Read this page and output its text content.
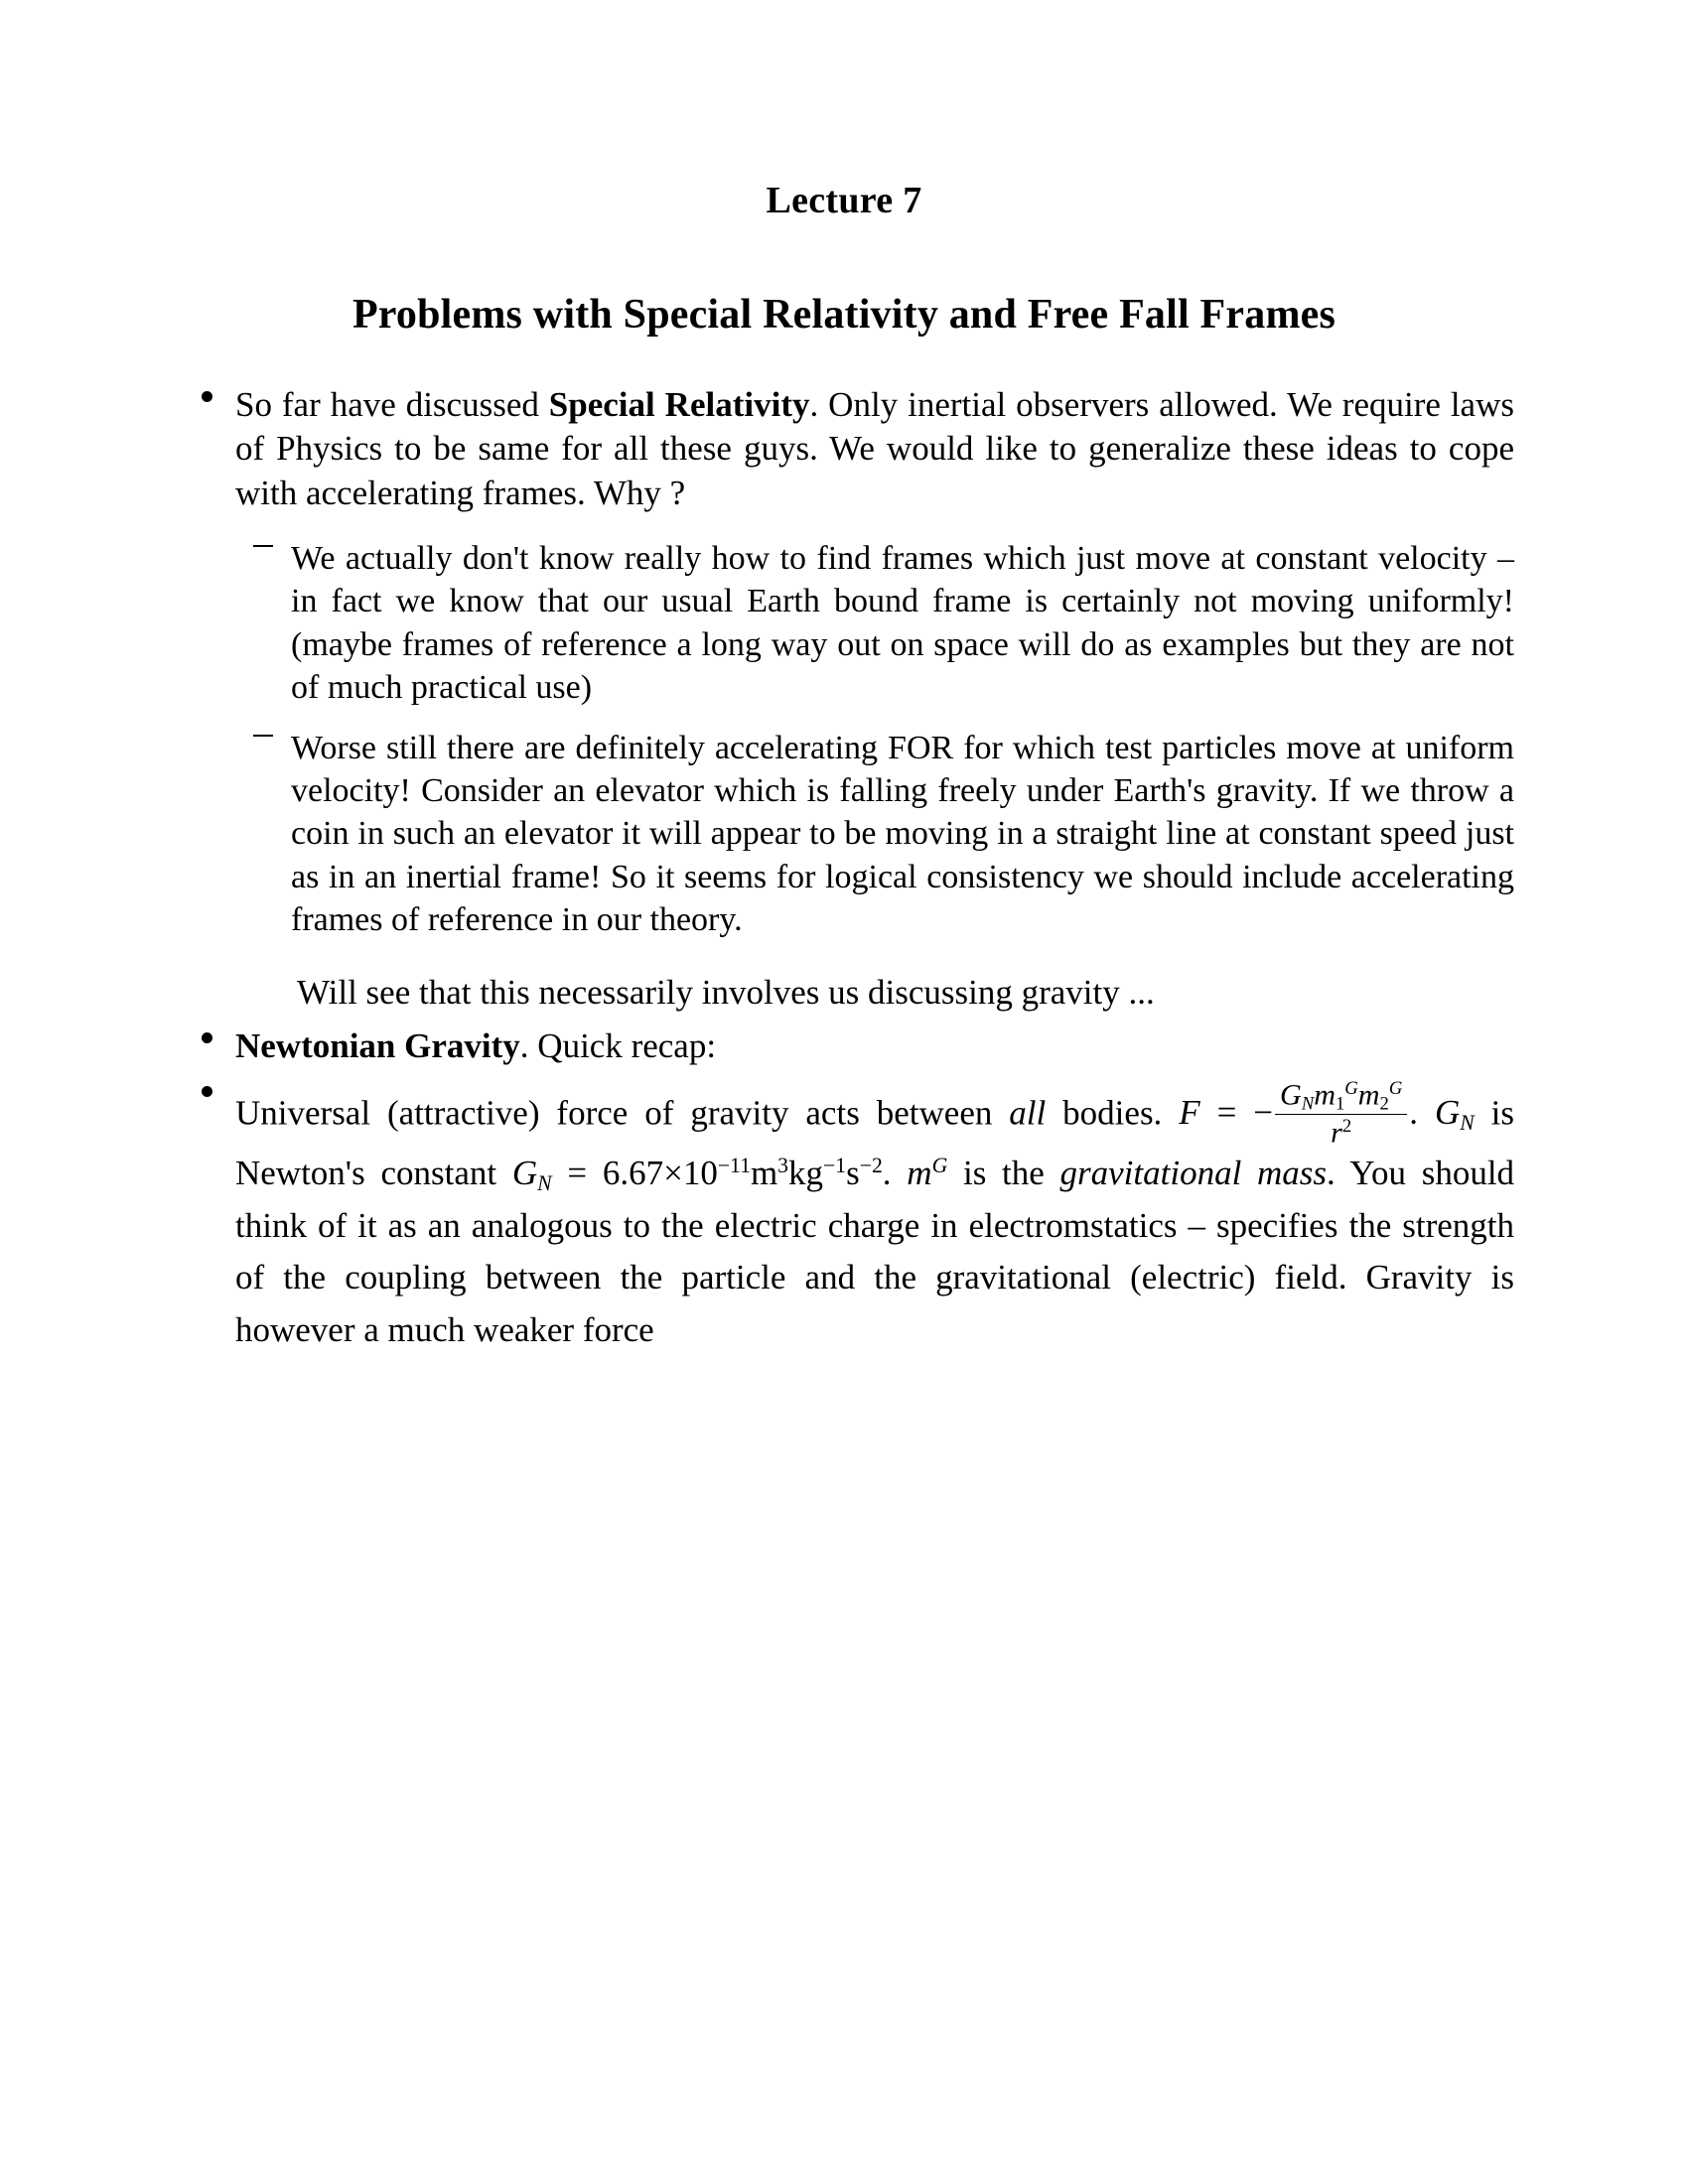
Lecture 7
Problems with Special Relativity and Free Fall Frames

So far have discussed Special Relativity. Only inertial observers allowed. We require laws of Physics to be same for all these guys. We would like to generalize these ideas to cope with accelerating frames. Why ?

We actually don't know really how to find frames which just move at constant velocity – in fact we know that our usual Earth bound frame is certainly not moving uniformly! (maybe frames of reference a long way out on space will do as examples but they are not of much practical use)

Worse still there are definitely accelerating FOR for which test particles move at uniform velocity! Consider an elevator which is falling freely under Earth's gravity. If we throw a coin in such an elevator it will appear to be moving in a straight line at constant speed just as in an inertial frame! So it seems for logical consistency we should include accelerating frames of reference in our theory.

Will see that this necessarily involves us discussing gravity ...

Newtonian Gravity. Quick recap:

Universal (attractive) force of gravity acts between all bodies. F = − $\frac{G_Nm_1^Gm_2^G}{r^2}$ . $G_N$ is Newton's constant $G_N = 6.67\times 10^{-11}m^3kg^{-1}s^{-2}$. $m^G$ is the gravitational mass. You should think of it as an analogous to the electric charge in electromstatics – specifies the strength of the coupling between the particle and the gravitational (electric) field. Gravity is however a much weaker force
